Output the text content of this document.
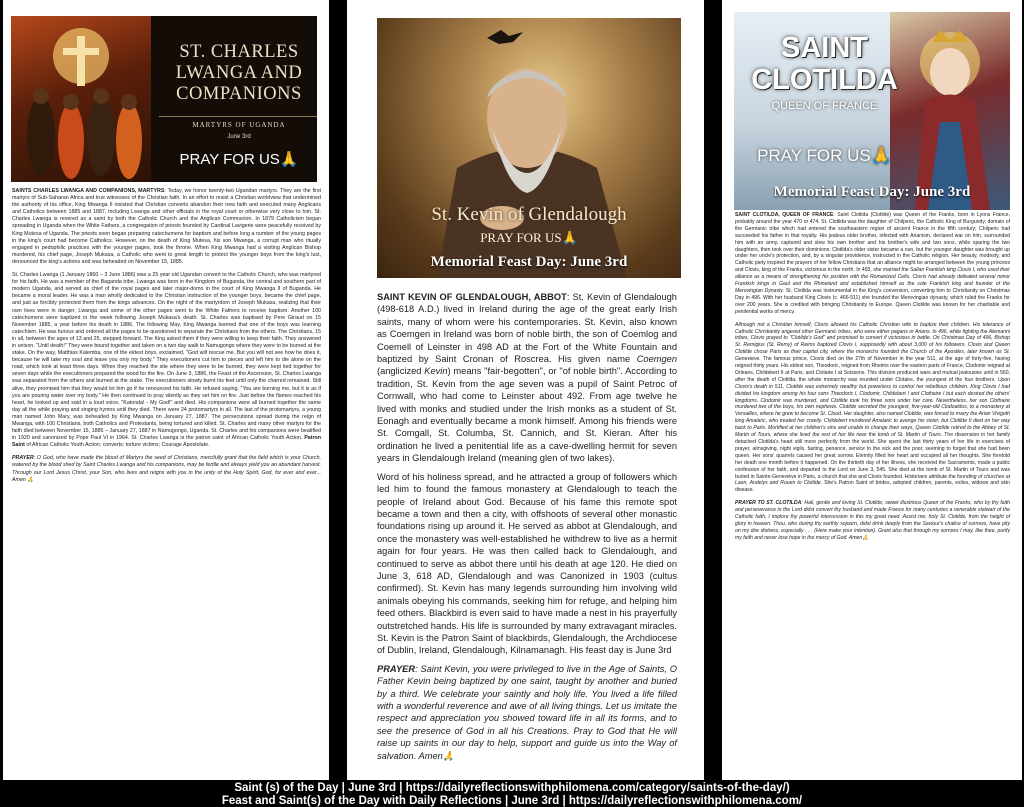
ST. CHARLES
LWANGA AND
COMPANIONS
MARTYRS OF UGANDA
June 3rd
PRAY FOR US🙏

SAINTS CHARLES LWANGA AND COMPANIONS, MARTYRS: Today, we honor twenty-two Ugandan martyrs. They are the first martyrs of Sub-Saharan Africa and true witnesses of the Christian faith. In an effort to resist a Christian worldview that undermined the authority of his office, King Mwanga II insisted that Christian converts abandon their new faith and executed many Anglicans and Catholics between 1885 and 1887, including Lwanga and other officials in the royal court or otherwise very close to him. St. Charles Lwanga is revered as a saint by both the Catholic Church and the Anglican Communion. In 1879 Catholicism began spreading in Uganda when the White Fathers, a congregation of priests founded by Cardinal Lavigerie were peacefully received by King Mutesa of Uganda. The priests soon began preparing catechumens for baptism and before long a number of the young pages in the king's court had become Catholics. However, on the death of King Mutesa, his son Mwanga, a corrupt man who ritually engaged in pedophilic practices with the younger pages, took the throne. When King Mwanga had a visiting Anglican Bishop murdered, his chief page, Joseph Mukasa, a Catholic who went to great length to protect the younger boys from the king's lust, denounced the king's actions and was beheaded on November 15, 1885.

St. Charles Lwanga (1 January 1860 – 3 June 1886) was a 25 year old Ugandan convert to the Catholic Church, who was martyred for his faith. He was a member of the Baganda tribe, Lwanga was born in the Kingdom of Buganda, the central and southern part of modern Uganda, and served as chief of the royal pages and later major-domo in the court of King Mwanga II of Buganda. He became a moral leader. He was a man wholly dedicated to the Christian instruction of the younger boys, became the chief page, and just as forcibly protected them from the kings advances. On the night of the martyrdom of Joseph Mukasa, realizing that their own lives were in danger, Lwanga and some of the other pages went to the White Fathers to receive baptism. Another 100 catechumens were baptized in the week following Joseph Mukasa's death. St. Charles was baptised by Pere Giraud on 15 November 1885, a year before his death in 1886. The following May, King Mwanga learned that one of the boys was learning catechism. He was furious and ordered all the pages to be questioned to separate the Christians from the others. The Christians, 15 in all, between the ages of 13 and 25, stepped forward. The King asked them if they were willing to keep their faith. They answered in unison, "Until death!" They were bound together and taken on a two day walk to Namugongo where they were to be burned at the stake. On the way, Matthias Kalemba, one of the eldest boys, exclaimed, "God will rescue me. But you will not see how he does it, because he will take my soul and leave you only my body." They executioners cut him to pieces and left him to die alone on the road, which took at least three days. When they reached the site where they were to be burned, they were kept tied together for seven days while the executioners prepared the wood for the fire. On June 3, 1886, the Feast of the Ascension, St. Charles Lwanga was separated from the others and burned at the stake. The executioners slowly burnt his feet until only the charred remained. Still alive, they promised him that they would let him go if he renounced his faith. He refused saying, "You are burning me, but it is as if you are pouring water over my body." He then continued to pray silently as they set him on fire. Just before the flames reached his heart, he looked up and said in a loud voice, "Katonda! - My God!" and died. His companions were all burned together the same day all the while praying and singing hymns until they died. There were 24 protomartyrs in all. The last of the protomartyrs, a young man named John Mary, was beheaded by King Mwanga on January 27, 1887. The persecutions spread during the reign of Mwanga, with 100 Christians, both Catholics and Protestants, being tortured and killed. St. Charles and many other martyrs for the faith died between November 15, 1885 – January 27, 1887 in Namugongo, Uganda. St. Charles and his companions were beatified in 1920 and canonized by Pope Paul VI in 1964. St. Charles Lwanga is the patron saint of African Catholic Youth Action. Patron Saint of African Catholic Youth Action; converts; torture victims; Courage Apostolate.

PRAYER: O God, who have made the blood of Martyrs the seed of Christians, mercifully grant that the field which is your Church, watered by the blood shed by Saint Charles Lwanga and his companions, may be fertile and always yield you an abundant harvest. Through our Lord Jesus Christ, your Son, who lives and reigns with you in the unity of the Holy Spirit, God, for ever and ever... Amen 🙏

St. Kevin of Glendalough
PRAY FOR US🙏
Memorial Feast Day: June 3rd

SAINT KEVIN OF GLENDALOUGH, ABBOT: St. Kevin of Glendalough (498-618 A.D.) lived in Ireland during the age of the great early Irish saints, many of whom were his contemporaries. St. Kevin, also known as Coemgen in Ireland was born of noble birth, the son of Coemlog and Coemell of Leinster in 498 AD at the Fort of the White Fountain and baptized by Saint Cronan of Roscrea. His given name Coemgen (anglicized Kevin) means "fair-begotten", or "of noble birth". According to tradition, St. Kevin from the age seven was a pupil of Saint Petroc of Cornwall, who had come to Leinster about 492. From age twelve he lived with monks and studied under the Irish monks as a student of St. Eonagh and eventually became a monk himself. Among his friends were St. Comgall, St. Columba, St. Cannich, and St. Kieran. After his ordination he lived a penitential life as a cave-dwelling hermit for seven years in Glendalough Ireland (meaning glen of two lakes).

Word of his holiness spread, and he attracted a group of followers which led him to found the famous monastery at Glendalough to teach the people of Ireland about God. Because of his fame this remote spot became a town and then a city, with offshoots of several other monastic foundations rising up around it. He served as abbot at Glendalough, and once the monastery was well-established he withdrew to live as a hermit again for four years. He was then called back to Glendalough, and continued to serve as abbot there until his death at age 120. He died on June 3, 618 AD, Glendalough and was Canonized in 1903 (cultus confirmed). St. Kevin has many legends surrounding him involving wild animals obeying his commands, seeking him for refuge, and helping him feed others. Blackbird is even said to have made a nest in his prayerfully outstretched hands. His life is surrounded by many extravagant miracles. St. Kevin is the Patron Saint of blackbirds, Glendalough, the Archdiocese of Dublin, Ireland, Glendalough, Kilnamanagh. His feast day is June 3rd

PRAYER: Saint Kevin, you were privileged to live in the Age of Saints, O Father Kevin being baptized by one saint, taught by another and buried by a third. We celebrate your saintly and holy life. You lived a life filled with a wonderful reverence and awe of all living things. Let us imitate the respect and appreciation you showed toward life in all its forms, and to see the presence of God in all his Creations. Pray to God that He will raise up saints in our day to help, support and guide us into the Way of salvation. Amen🙏

SAINT
CLOTILDA
QUEEN OF FRANCE
PRAY FOR US🙏
Memorial Feast Day: June 3rd

SAINT CLOTILDA, QUEEN OF FRANCE: Saint Clotilda (Clotilde) was Queen of the Franks, born in Lyons France, probably around the year 470 or 474. St. Clotilda was the daughter of Chilperic, the Catholic King of Burgundy, domain of the Germanic tribe which had entered the southeastern region of ancient France in the fifth century; Chilperic had succeeded his father in that royalty. His jealous older brother, infected with Arianism, declared war on him, surrounded him with an army, captured and slew his own brother and his brother's wife and two sons, while sparing the two daughters, then took over their dominions. Clotilda's older sister became a nun, but the younger daughter was brought up under her uncle's protection, and, by a singular providence, instructed in the Catholic religion. Her beauty, modesty, and Catholic piety inspired the prayers of her fellow Christians that an alliance might be arranged between the young princess and Clovis, king of the Franks, victorious in the north. In 493, she married the Salian Frankish king Clovis I, who used their alliance as a means of strengthening his position with the Romanized Celts. Clovis had already defeated several minor Frankish kings in Gaul and the Rhineland and established himself as the sole Frankish king and founder of the Merovingian Dynasty. St. Clotilda was instrumental in the King's conversion, converting him to Christianity on Christmas Day in 496. With her husband King Clovis (c. 466-511) she founded the Merovingian dynasty, which ruled the Franks for over 200 years. She is credited with bringing Christianity to Europe. Queen Clotilde was known for her charitable and penitential works of mercy.

Although not a Christian himself, Clovis allowed his Catholic Christian wife to baptize their children. His tolerance of Catholic Christianity angered other Germanic tribes, who were either pagans or Arians. In 496, while fighting the Alemanni tribes, Clovis prayed to "Clotilde's God" and promised to convert if victorious in battle. On Christmas Day of 496, Bishop St. Remigius (St. Remy) of Reims baptized Clovis I, supposedly with about 3,000 of his followers. Clovis and Queen Clotilde chose Paris as their capital city, where the monarchs founded the Church of the Apostles, later known as St. Genevieve. The famous prince, Clovis died on the 27th of November in the year 511, at the age of forty-five, having reigned thirty years. His eldest son, Theodoric, reigned from Rheims over the eastern parts of France, Clodomir reigned at Orleans, Childebert II at Paris, and Clotaire I at Soissons. This division produced wars and mutual jealousies until in 560, after the death of Clotilda, the whole monarchy was reunited under Clotaire, the youngest of the four brothers. Upon Clovis's death in 511, Clotilde was extremely wealthy but powerless to control her rebellious children. King Clovis I had divided his kingdom among his four sons Theodoric I, Clodomir, Childebert I and Clothaire I but each desired the others' kingdoms. Clodomir was murdered, and Clotilde took his three sons under her care. Nevertheless, her son Clothaire murdered two of the boys, his own nephews. Clotilde secreted the youngest, five-year-old Clodoaldus, to a monastery at Versailles, where he grew to become St. Cloud. Her daughter, also named Clotilde, was forced to marry the Arian Visigoth king Amalaric, who treated her cruelly. Childebert murdered Amalaric to avenge his sister, but Clotilde II died on her way back to Paris. Mortified at her children's sins and unable to change their ways, Queen Clotilde retired to the Abbey of St. Martin of Tours, where she lived the rest of her life near the tomb of St. Martin of Tours. The dissension in her family detached Clotilda's heart still more perfectly from the world. She spent the last thirty years of her life in exercises of prayer, almsgiving, night vigils, fasting, penance, service to the sick and the poor, seeming to forget that she had been queen. Her sons' quarrels caused her great sorrow. Eternity filled her heart and occupied all her thoughts. She foretold her death one month before it happened. On the thirtieth day of her illness, she received the Sacraments, made a public confession of her faith, and departed to the Lord on June 3, 545. She died at the tomb of St. Martin of Tours and was buried in Sainte-Geneviève in Paris, a church that she and Clovis founded. Historians attribute the founding of churches at Laon, Andelys and Rouen to Clotilde. She's Patron Saint of brides, adopted children, parents, exiles, widows and skin disease.

PRAYER TO ST. CLOTILDA: Hail, gentle and loving St. Clotilde, sweet illustrious Queen of the Franks, who by thy faith and perseverance in the Lord didst convert thy husband and made France for many centuries a venerable stalwart of the Catholic faith, I implore thy powerful intercession in this my great need. Assist me, holy St. Clotilde, from the height of glory in heaven. Thou, who during thy earthly sojourn, didst drink deeply from the Saviour's chalice of sorrows, have pity on my dire distress, especially . . . (Here make your intention). Grant also that through my sorrows I may, like thee, purify my faith and never lose hope in the mercy of God. Amen🙏

Saint (s) of the Day | June 3rd | https://dailyreflectionswithphilomena.com/category/saints-of-the-day/)
Feast and Saint(s) of the Day with Daily Reflections | June 3rd | https://dailyreflectionswithphilomena.com/
